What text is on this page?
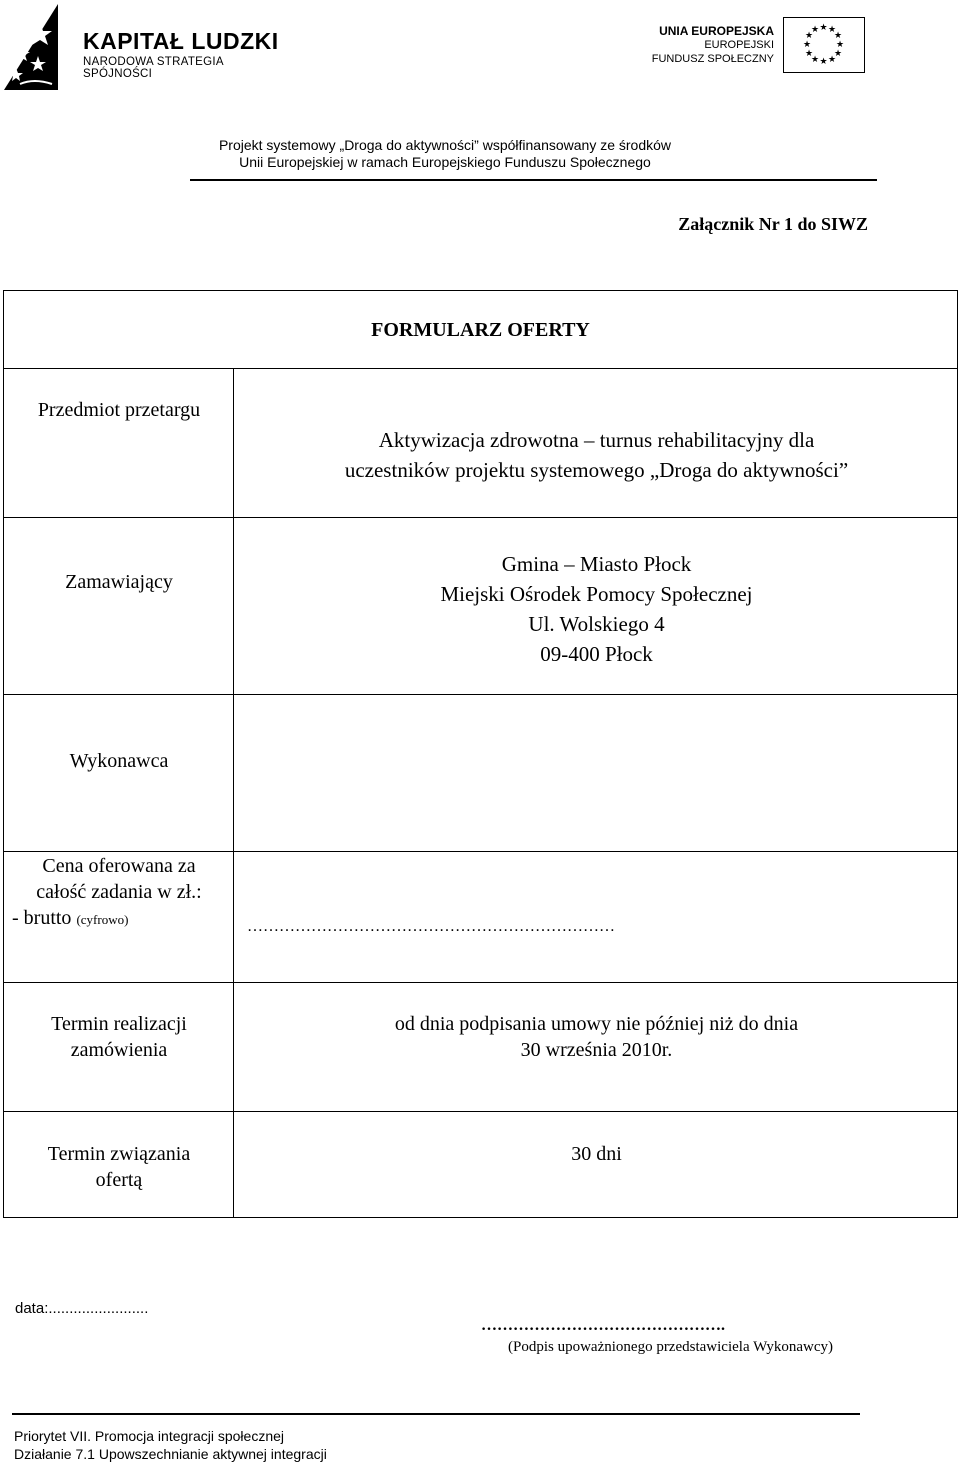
KAPITAŁ LUDZKI
NARODOWA STRATEGIA SPÓJNOŚCI
UNIA EUROPEJSKA
EUROPEJSKI
FUNDUSZ SPOŁECZNY
★ ★
★
★
★
★
★
★
★
★
★
★
Projekt systemowy „Droga do aktywności” współfinansowany ze środków
Unii Europejskiej w ramach Europejskiego Funduszu Społecznego
Załącznik Nr 1 do SIWZ
FORMULARZ OFERTY
Przedmiot przetargu
Aktywizacja zdrowotna – turnus rehabilitacyjny dla
uczestników projektu systemowego „Droga do aktywności”
Zamawiający
Gmina – Miasto Płock
Miejski Ośrodek Pomocy Społecznej
Ul. Wolskiego 4
09-400 Płock
Wykonawca
Cena oferowana za
całość zadania w zł.:
- brutto (cyfrowo)	……………………………………………………………
Termin realizacji
zamówienia
od dnia podpisania umowy nie później niż do dnia
30 września 2010r.
Termin związania
ofertą
30 dni
data:........................
……………………………………….
(Podpis upoważnionego przedstawiciela Wykonawcy)
Priorytet VII. Promocja integracji społecznej
Działanie 7.1 Upowszechnianie aktywnej integracji
